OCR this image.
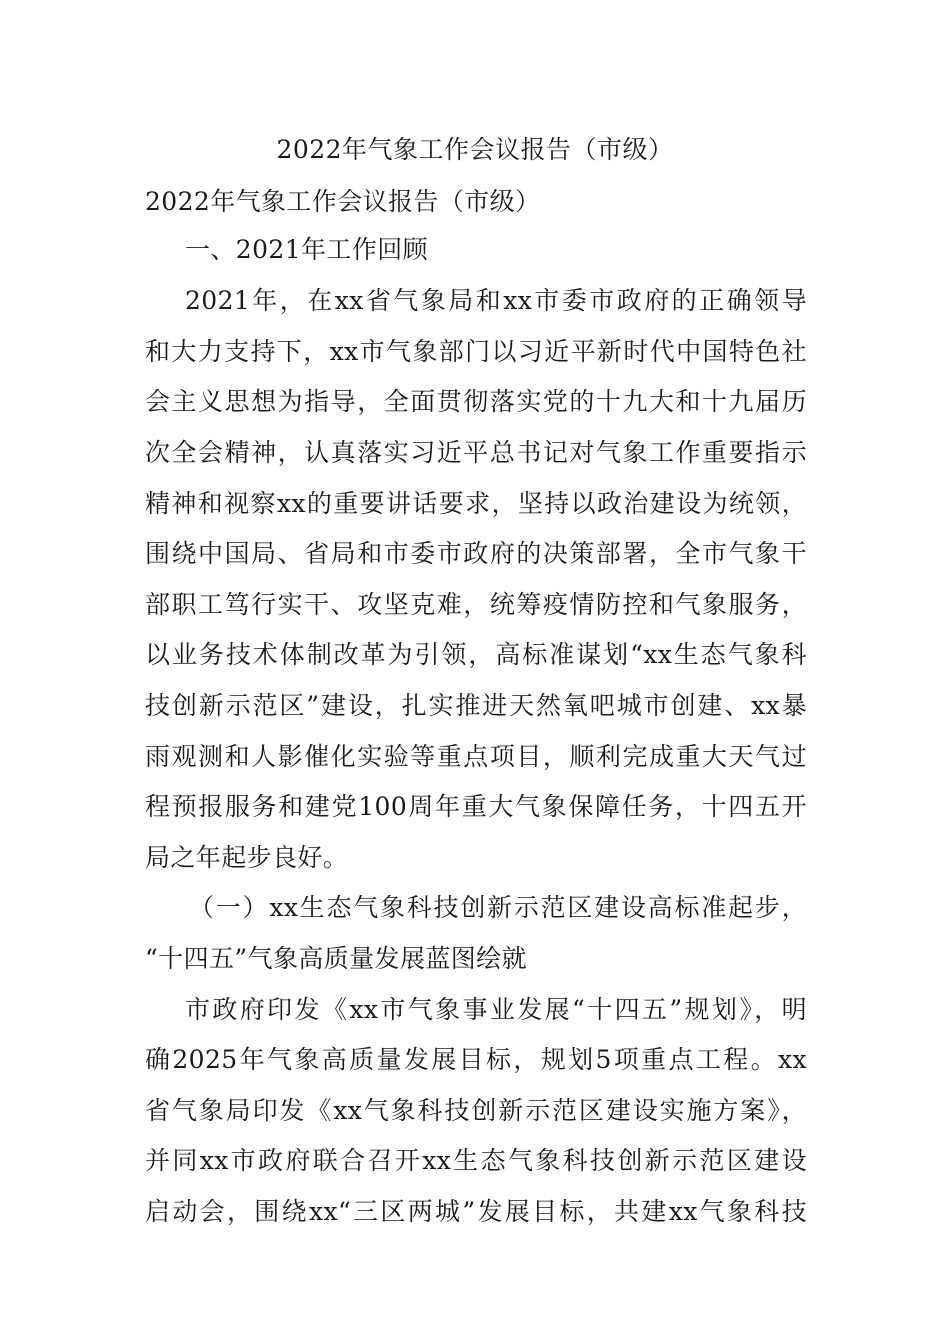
2022年气象工作会议报告（市级）
2022年气象工作会议报告（市级）
一、2021年工作回顾
2021年，在xx省气象局和xx市委市政府的正确领导
和大力支持下，xx市气象部门以习近平新时代中国特色社
会主义思想为指导，全面贯彻落实党的十九大和十九届历
次全会精神，认真落实习近平总书记对气象工作重要指示
精神和视察xx的重要讲话要求，坚持以政治建设为统领，
围绕中国局、省局和市委市政府的决策部署，全市气象干
部职工笃行实干、攻坚克难，统筹疫情防控和气象服务，
以业务技术体制改革为引领，高标准谋划“xx生态气象科
技创新示范区”建设，扎实推进天然氧吧城市创建、xx暴
雨观测和人影催化实验等重点项目，顺利完成重大天气过
程预报服务和建党100周年重大气象保障任务，十四五开
局之年起步良好。
（一）xx生态气象科技创新示范区建设高标准起步，
“十四五”气象高质量发展蓝图绘就
市政府印发《xx市气象事业发展“十四五”规划》，明
确2025年气象高质量发展目标，规划5项重点工程。xx
省气象局印发《xx气象科技创新示范区建设实施方案》，
并同xx市政府联合召开xx生态气象科技创新示范区建设
启动会，围绕xx“三区两城”发展目标，共建xx气象科技
